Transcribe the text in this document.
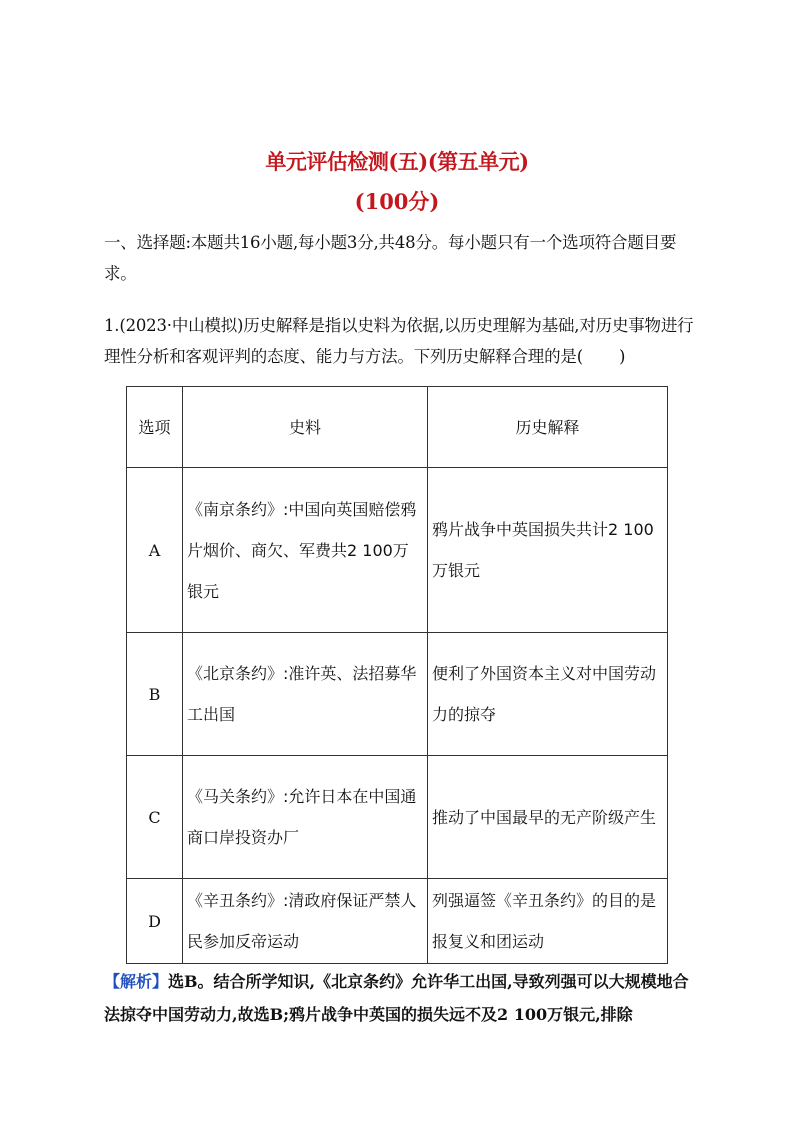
单元评估检测(五)(第五单元)
(100分)
一、选择题:本题共16小题,每小题3分,共48分。每小题只有一个选项符合题目要求。
1.(2023·中山模拟)历史解释是指以史料为依据,以历史理解为基础,对历史事物进行理性分析和客观评判的态度、能力与方法。下列历史解释合理的是( )
选项	史料	历史解释
A	《南京条约》:中国向英国赔偿鸦片烟价、商欠、军费共2 100万银元	鸦片战争中英国损失共计2 100万银元
B	《北京条约》:准许英、法招募华工出国	便利了外国资本主义对中国劳动力的掠夺
C	《马关条约》:允许日本在中国通商口岸投资办厂	推动了中国最早的无产阶级产生
D	《辛丑条约》:清政府保证严禁人民参加反帝运动	列强逼签《辛丑条约》的目的是报复义和团运动
【解析】选B。结合所学知识,《北京条约》允许华工出国,导致列强可以大规模地合法掠夺中国劳动力,故选B;鸦片战争中英国的损失远不及2 100万银元,排除
